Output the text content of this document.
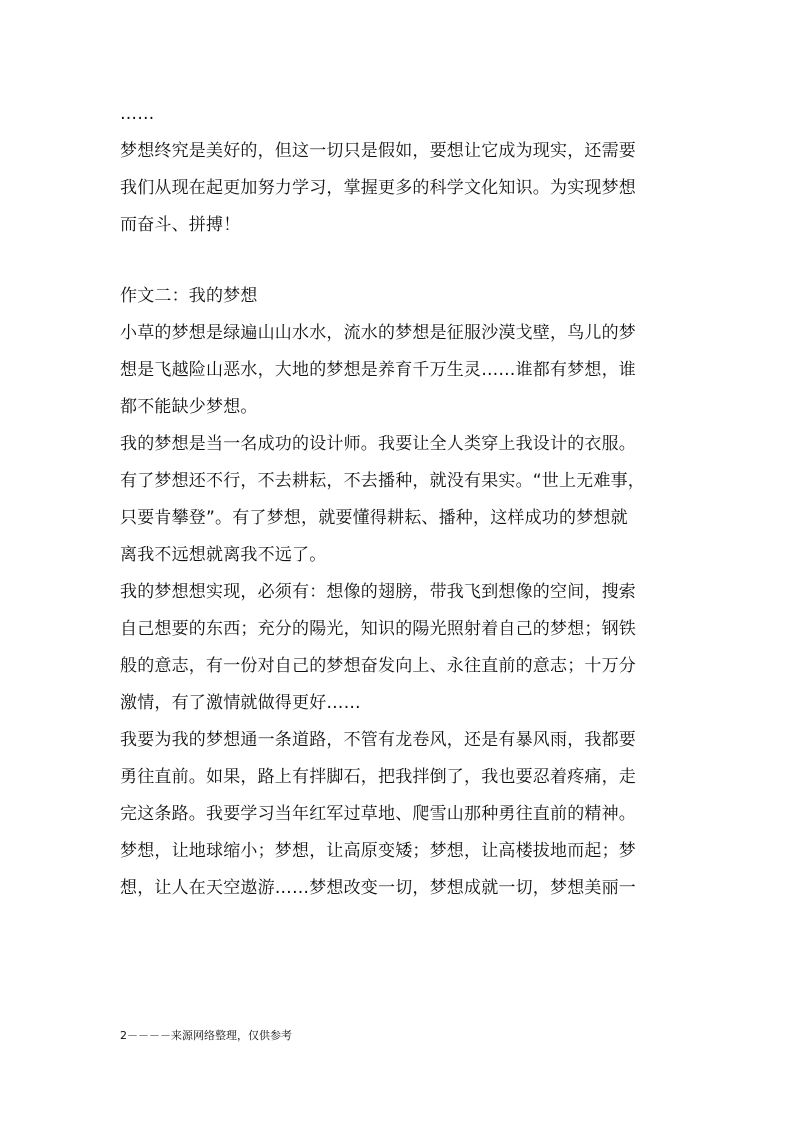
……
梦想终究是美好的，但这一切只是假如，要想让它成为现实，还需要
我们从现在起更加努力学习，掌握更多的科学文化知识。为实现梦想
而奋斗、拼搏！
作文二：我的梦想
小草的梦想是绿遍山山水水，流水的梦想是征服沙漠戈壁，鸟儿的梦
想是飞越险山恶水，大地的梦想是养育千万生灵……谁都有梦想，谁
都不能缺少梦想。
我的梦想是当一名成功的设计师。我要让全人类穿上我设计的衣服。
有了梦想还不行，不去耕耘，不去播种，就没有果实。“世上无难事，
只要肯攀登”。有了梦想，就要懂得耕耘、播种，这样成功的梦想就
离我不远想就离我不远了。
我的梦想想实现，必须有：想像的翅膀，带我飞到想像的空间，搜索
自己想要的东西；充分的陽光，知识的陽光照射着自己的梦想；钢铁
般的意志，有一份对自己的梦想奋发向上、永往直前的意志；十万分
激情，有了激情就做得更好……
我要为我的梦想通一条道路，不管有龙卷风，还是有暴风雨，我都要
勇往直前。如果，路上有拌脚石，把我拌倒了，我也要忍着疼痛，走
完这条路。我要学习当年红军过草地、爬雪山那种勇往直前的精神。
梦想，让地球缩小；梦想，让高原变矮；梦想，让高楼拔地而起；梦
想，让人在天空遨游……梦想改变一切，梦想成就一切，梦想美丽一
2－－－－来源网络整理，仅供参考
